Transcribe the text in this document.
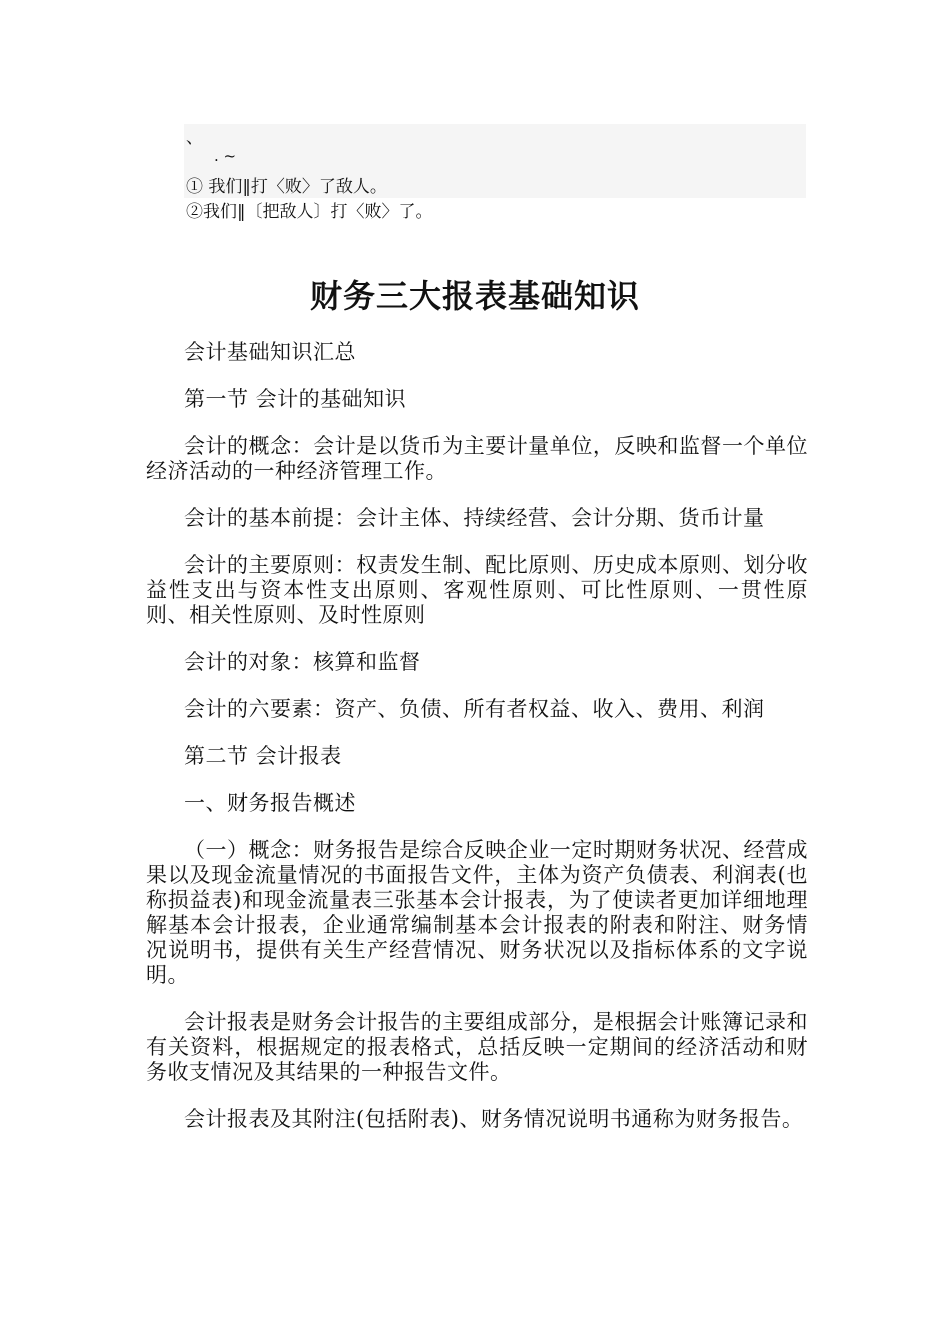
、
. ~
① 我们‖打〈败〉了敌人。
②我们‖〔把敌人〕打〈败〉了。
财务三大报表基础知识

会计基础知识汇总

第一节 会计的基础知识

会计的概念：会计是以货币为主要计量单位，反映和监督一个单位经济活动的一种经济管理工作。

会计的基本前提：会计主体、持续经营、会计分期、货币计量

会计的主要原则：权责发生制、配比原则、历史成本原则、划分收益性支出与资本性支出原则、客观性原则、可比性原则、一贯性原则、相关性原则、及时性原则

会计的对象：核算和监督

会计的六要素：资产、负债、所有者权益、收入、费用、利润

第二节 会计报表

一、财务报告概述

（一）概念：财务报告是综合反映企业一定时期财务状况、经营成果以及现金流量情况的书面报告文件，主体为资产负债表、利润表(也称损益表)和现金流量表三张基本会计报表，为了使读者更加详细地理解基本会计报表，企业通常编制基本会计报表的附表和附注、财务情况说明书，提供有关生产经营情况、财务状况以及指标体系的文字说明。

会计报表是财务会计报告的主要组成部分，是根据会计账簿记录和有关资料，根据规定的报表格式，总括反映一定期间的经济活动和财务收支情况及其结果的一种报告文件。

会计报表及其附注(包括附表)、财务情况说明书通称为财务报告。
